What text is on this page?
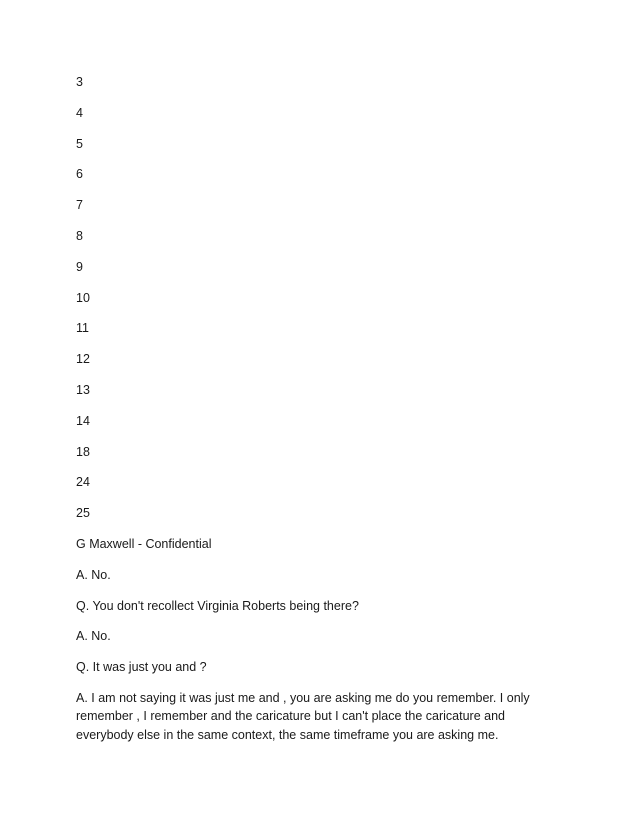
3
4
5
6
7
8
9
10
11
12
13
14
18
24
25
G Maxwell - Confidential
A. No.
Q. You don't recollect Virginia Roberts being there?
A. No.
Q. It was just you and ?
A. I am not saying it was just me and , you are asking me do you remember. I only remember , I remember and the caricature but I can't place the caricature and everybody else in the same context, the same timeframe you are asking me.
